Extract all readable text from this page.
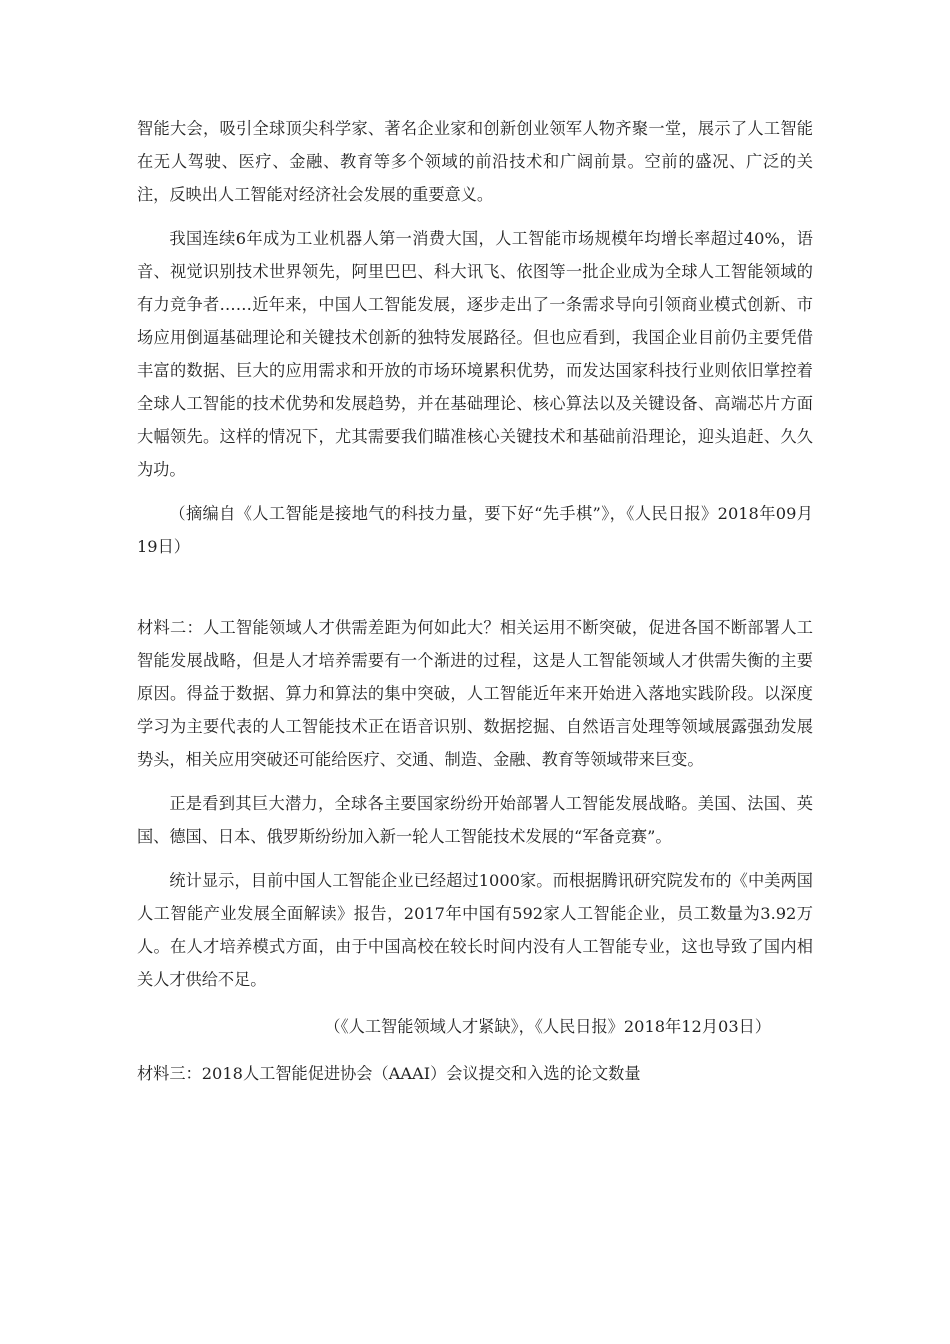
智能大会，吸引全球顶尖科学家、著名企业家和创新创业领军人物齐聚一堂，展示了人工智能在无人驾驶、医疗、金融、教育等多个领域的前沿技术和广阔前景。空前的盛况、广泛的关注，反映出人工智能对经济社会发展的重要意义。

我国连续6年成为工业机器人第一消费大国，人工智能市场规模年均增长率超过40%，语音、视觉识别技术世界领先，阿里巴巴、科大讯飞、依图等一批企业成为全球人工智能领域的有力竞争者……近年来，中国人工智能发展，逐步走出了一条需求导向引领商业模式创新、市场应用倒逼基础理论和关键技术创新的独特发展路径。但也应看到，我国企业目前仍主要凭借丰富的数据、巨大的应用需求和开放的市场环境累积优势，而发达国家科技行业则依旧掌控着全球人工智能的技术优势和发展趋势，并在基础理论、核心算法以及关键设备、高端芯片方面大幅领先。这样的情况下，尤其需要我们瞄准核心关键技术和基础前沿理论，迎头追赶、久久为功。

（摘编自《人工智能是接地气的科技力量，要下好“先手棋”》，《人民日报》2018年09月19日）

材料二：人工智能领域人才供需差距为何如此大？相关运用不断突破，促进各国不断部署人工智能发展战略，但是人才培养需要有一个渐进的过程，这是人工智能领域人才供需失衡的主要原因。得益于数据、算力和算法的集中突破，人工智能近年来开始进入落地实践阶段。以深度学习为主要代表的人工智能技术正在语音识别、数据挖掘、自然语言处理等领域展露强劲发展势头，相关应用突破还可能给医疗、交通、制造、金融、教育等领域带来巨变。

正是看到其巨大潜力，全球各主要国家纷纷开始部署人工智能发展战略。美国、法国、英国、德国、日本、俄罗斯纷纷加入新一轮人工智能技术发展的“军备竞赛”。

统计显示，目前中国人工智能企业已经超过1000家。而根据腾讯研究院发布的《中美两国人工智能产业发展全面解读》报告，2017年中国有592家人工智能企业，员工数量为3.92万人。在人才培养模式方面，由于中国高校在较长时间内没有人工智能专业，这也导致了国内相关人才供给不足。

（《人工智能领域人才紧缺》，《人民日报》2018年12月03日）

材料三：2018人工智能促进协会（AAAI）会议提交和入选的论文数量
